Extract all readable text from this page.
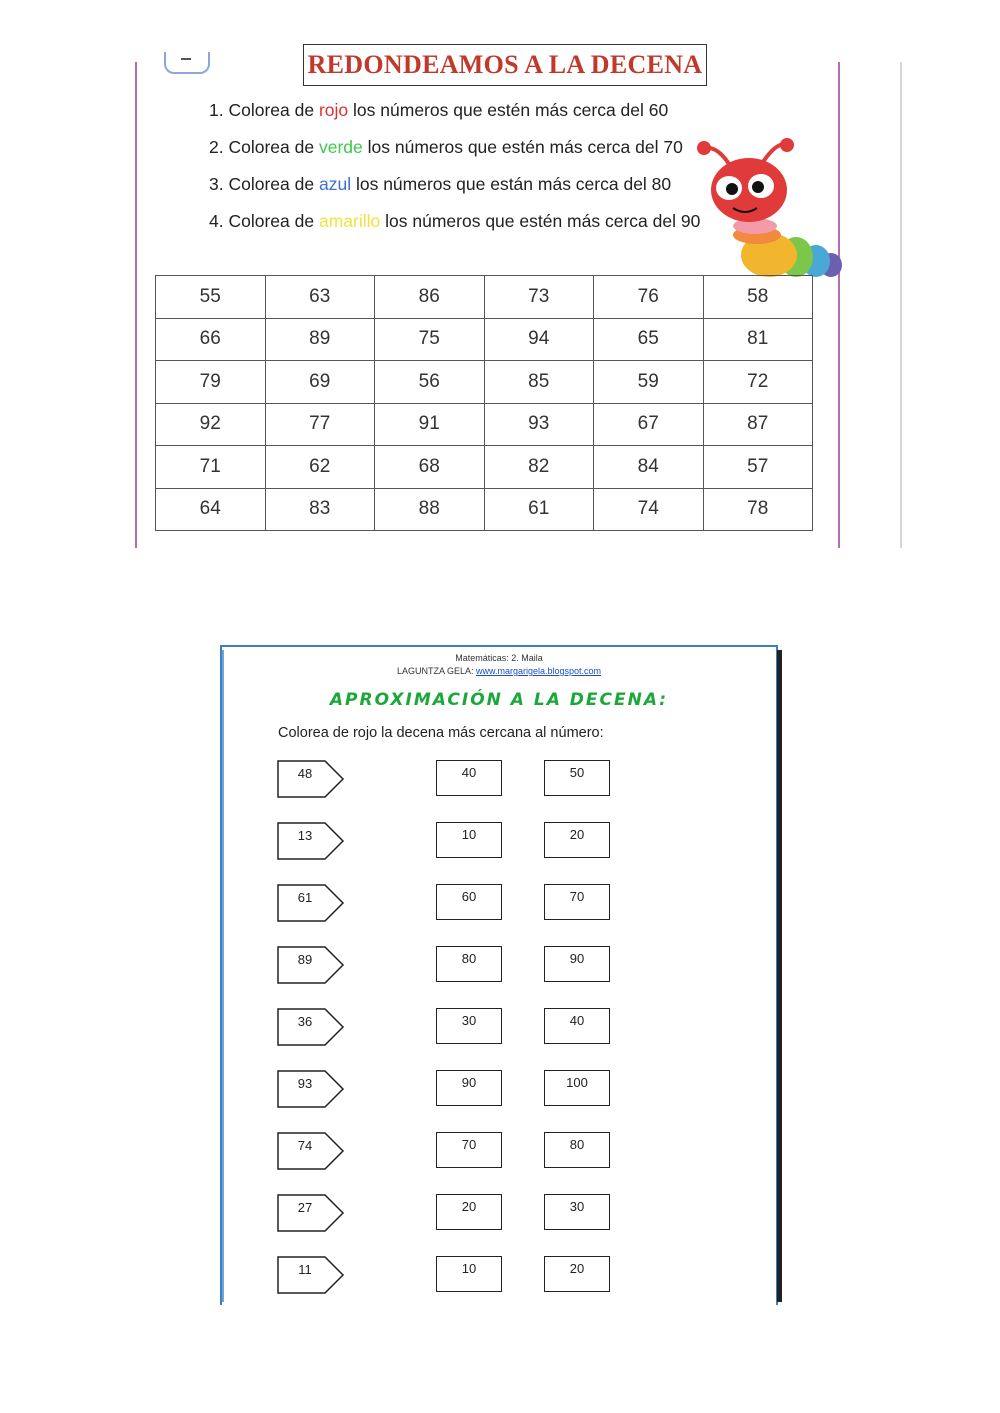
REDONDEAMOS A LA DECENA
1. Colorea de rojo los números que estén más cerca del 60
2. Colorea de verde los números que estén más cerca del 70
3. Colorea de azul los números que están más cerca del 80
4. Colorea de amarillo los números que estén más cerca del 90
55	63	86	73	76	58
66	89	75	94	65	81
79	69	56	85	59	72
92	77	91	93	67	87
71	62	68	82	84	57
64	83	88	61	74	78
Matemáticas: 2. Maila
LAGUNTZA GELA: www.margarigela.blogspot.com
APROXIMACIÓN A LA DECENA:
Colorea de rojo la decena más cercana al número:
48	40	50
13	10	20
61	60	70
89	80	90
36	30	40
93	90	100
74	70	80
27	20	30
11	10	20
